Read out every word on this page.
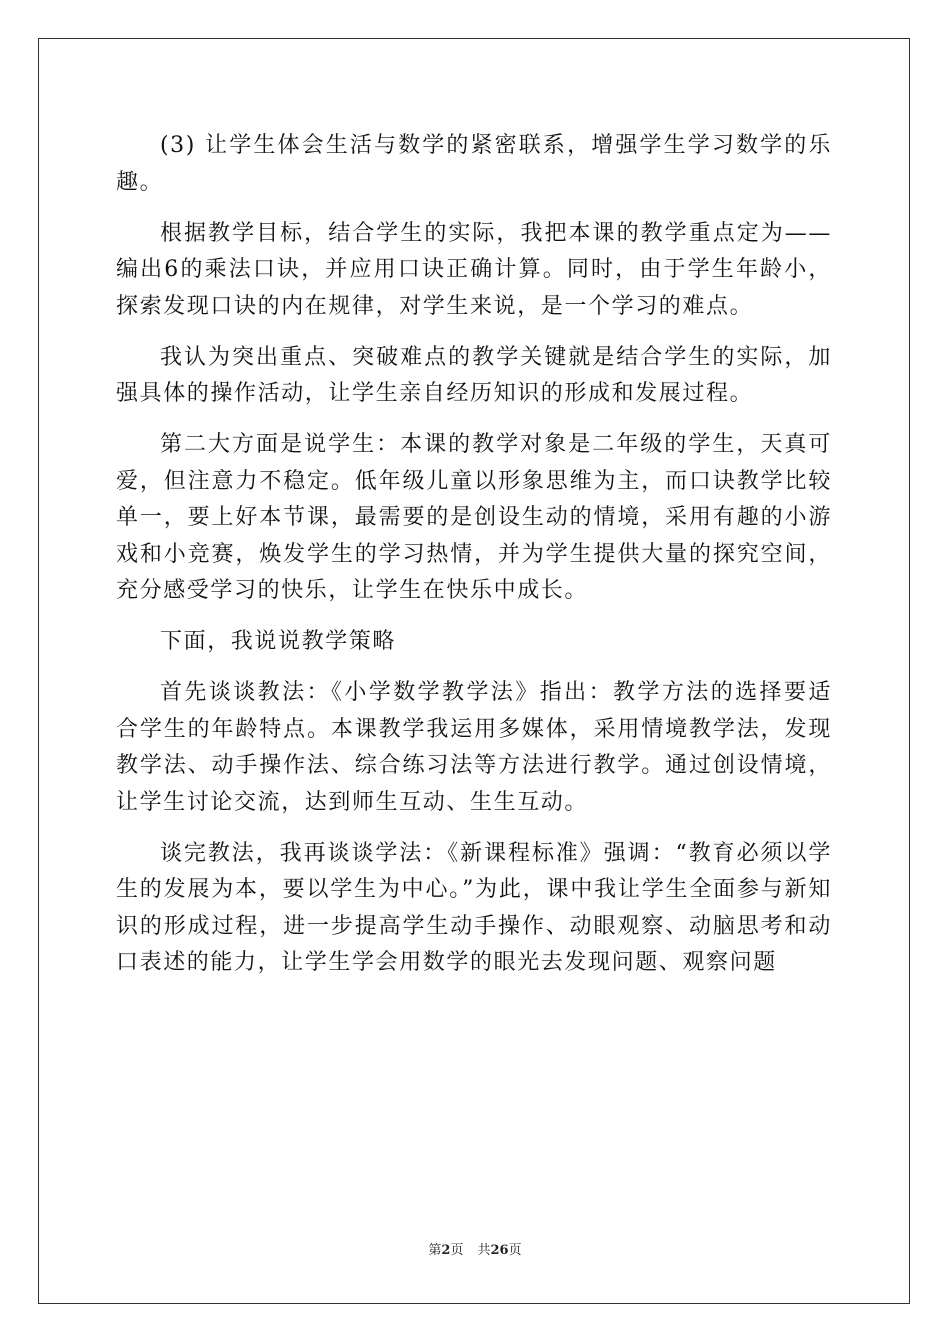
(3) 让学生体会生活与数学的紧密联系，增强学生学习数学的乐趣。

根据教学目标，结合学生的实际，我把本课的教学重点定为——编出6的乘法口诀，并应用口诀正确计算。同时，由于学生年龄小，探索发现口诀的内在规律，对学生来说，是一个学习的难点。

我认为突出重点、突破难点的教学关键就是结合学生的实际，加强具体的操作活动，让学生亲自经历知识的形成和发展过程。

第二大方面是说学生：本课的教学对象是二年级的学生，天真可爱，但注意力不稳定。低年级儿童以形象思维为主，而口诀教学比较单一，要上好本节课，最需要的是创设生动的情境，采用有趣的小游戏和小竞赛，焕发学生的学习热情，并为学生提供大量的探究空间，充分感受学习的快乐，让学生在快乐中成长。

下面，我说说教学策略

首先谈谈教法：《小学数学教学法》指出：教学方法的选择要适合学生的年龄特点。本课教学我运用多媒体，采用情境教学法，发现教学法、动手操作法、综合练习法等方法进行教学。通过创设情境，让学生讨论交流，达到师生互动、生生互动。

谈完教法，我再谈谈学法：《新课程标准》强调：“教育必须以学生的发展为本，要以学生为中心。”为此，课中我让学生全面参与新知识的形成过程，进一步提高学生动手操作、动眼观察、动脑思考和动口表述的能力，让学生学会用数学的眼光去发现问题、观察问题

第2页 共26页
